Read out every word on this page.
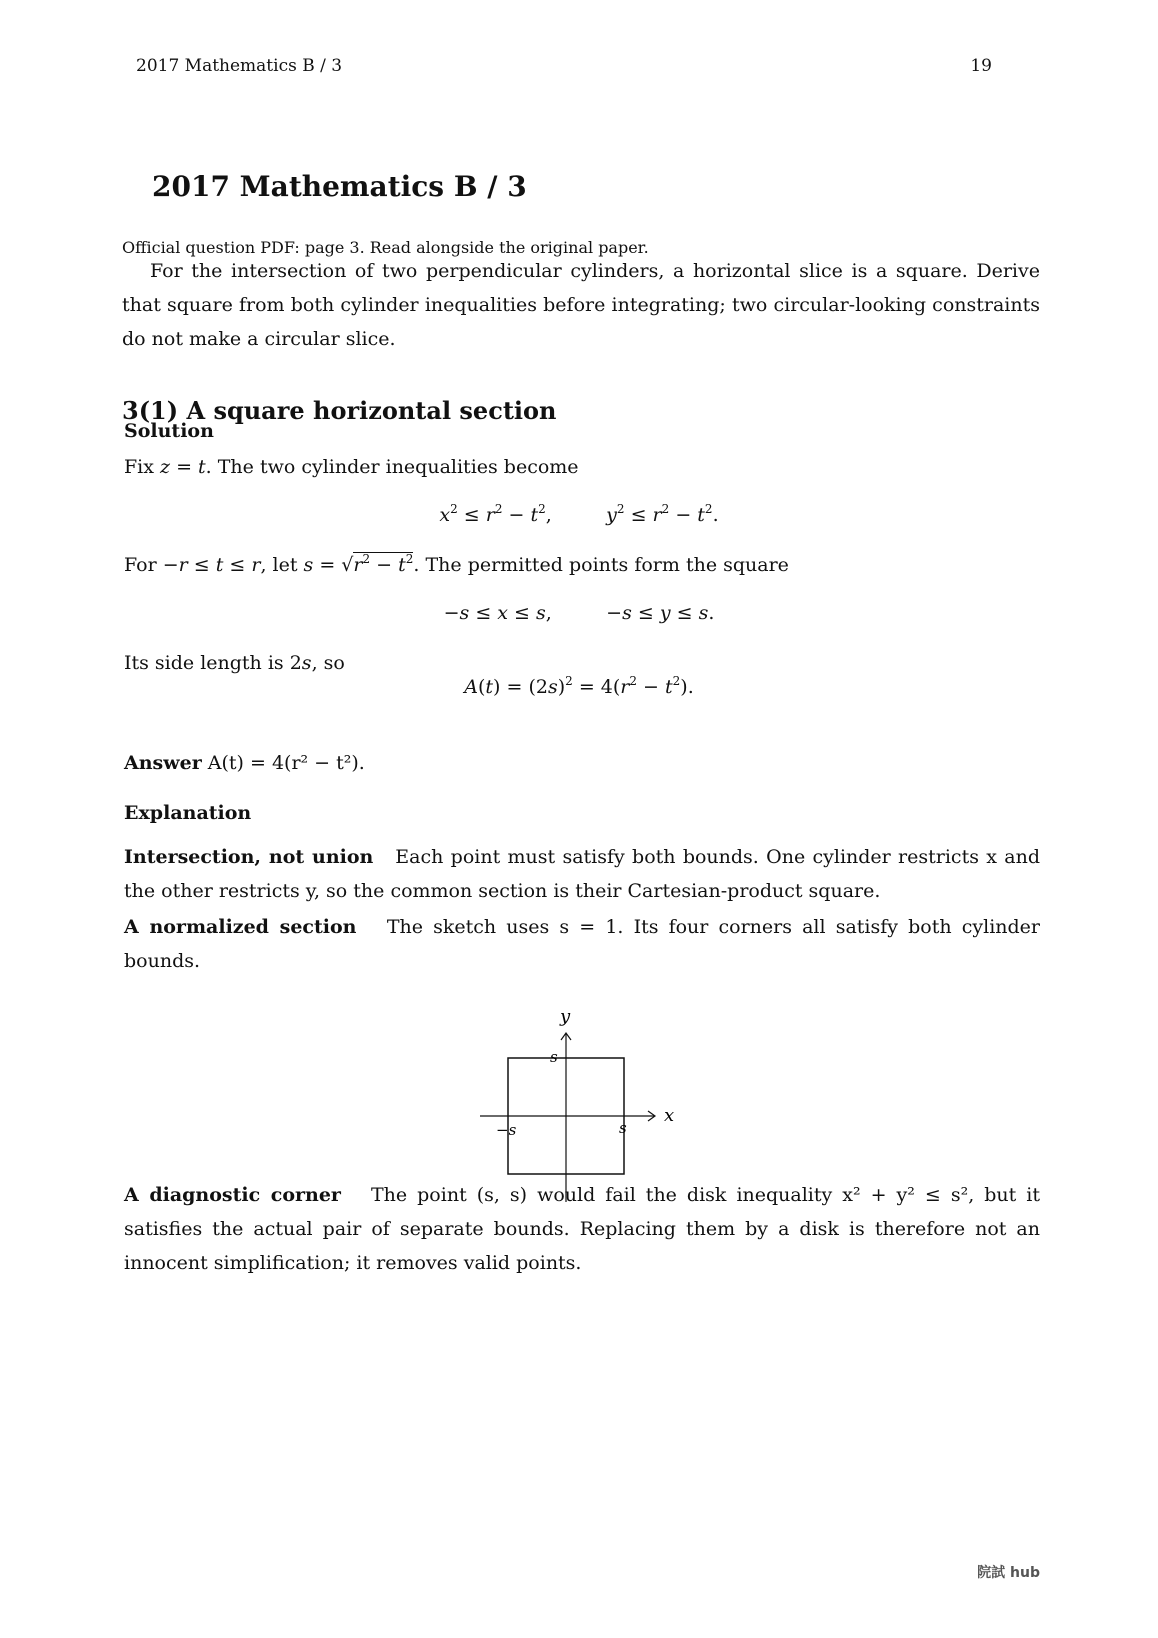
2017 Mathematics B / 3	19
2017 Mathematics B / 3
Official question PDF: page 3. Read alongside the original paper.
For the intersection of two perpendicular cylinders, a horizontal slice is a square. Derive that square from both cylinder inequalities before integrating; two circular-looking constraints do not make a circular slice.
3(1) A square horizontal section
Solution
Fix z = t. The two cylinder inequalities become
$x^2 \le r^2 - t^2$,         $y^2 \le r^2 - t^2$.
For −r ≤ t ≤ r, let $s = √r^2 - t^2$. The permitted points form the square
−s ≤ x ≤ s,         −s ≤ y ≤ s.
Its side length is 2s, so
$A(t) = (2s)^2 = 4(r^2 - t^2)$.
Answer A(t) = 4(r² − t²).
Explanation
Intersection, not union Each point must satisfy both bounds. One cylinder restricts x and the other restricts y, so the common section is their Cartesian-product square.
A normalized section The sketch uses s = 1. Its four corners all satisfy both cylinder bounds.
x
y
s
−s	s
A diagnostic corner The point (s, s) would fail the disk inequality x² + y² ≤ s², but it satisfies the actual pair of separate bounds. Replacing them by a disk is therefore not an innocent simplification; it removes valid points.
院試 hub
